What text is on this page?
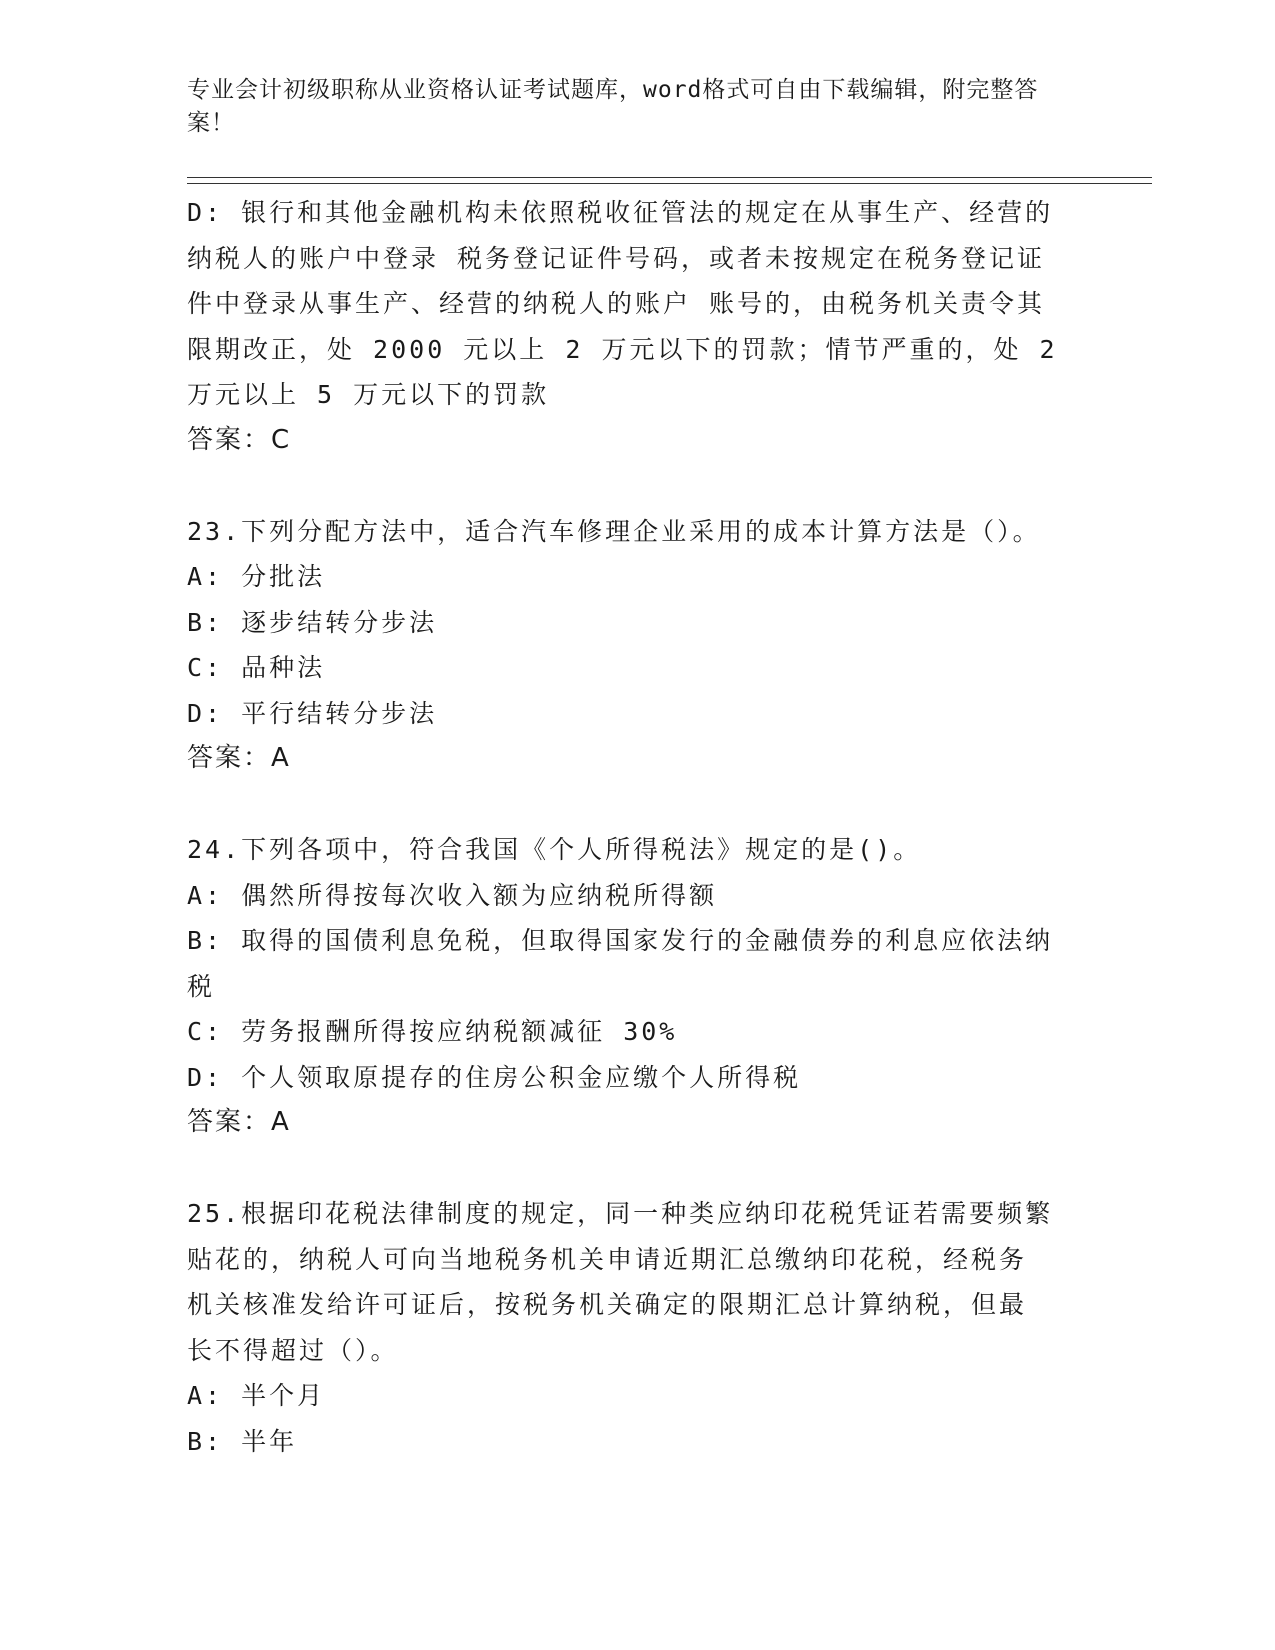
专业会计初级职称从业资格认证考试题库，word格式可自由下载编辑，附完整答
案！
D: 银行和其他金融机构未依照税收征管法的规定在从事生产、经营的
纳税人的账户中登录 税务登记证件号码，或者未按规定在税务登记证
件中登录从事生产、经营的纳税人的账户 账号的，由税务机关责令其
限期改正，处 2000 元以上 2 万元以下的罚款；情节严重的，处 2
万元以上 5 万元以下的罚款
答案：C
23.下列分配方法中，适合汽车修理企业采用的成本计算方法是（）。
A: 分批法
B: 逐步结转分步法
C: 品种法
D: 平行结转分步法
答案：A
24.下列各项中，符合我国《个人所得税法》规定的是()。
A: 偶然所得按每次收入额为应纳税所得额
B: 取得的国债利息免税，但取得国家发行的金融债券的利息应依法纳
税
C: 劳务报酬所得按应纳税额减征 30%
D: 个人领取原提存的住房公积金应缴个人所得税
答案：A
25.根据印花税法律制度的规定，同一种类应纳印花税凭证若需要频繁
贴花的，纳税人可向当地税务机关申请近期汇总缴纳印花税，经税务
机关核准发给许可证后，按税务机关确定的限期汇总计算纳税，但最
长不得超过（）。
A: 半个月
B: 半年
